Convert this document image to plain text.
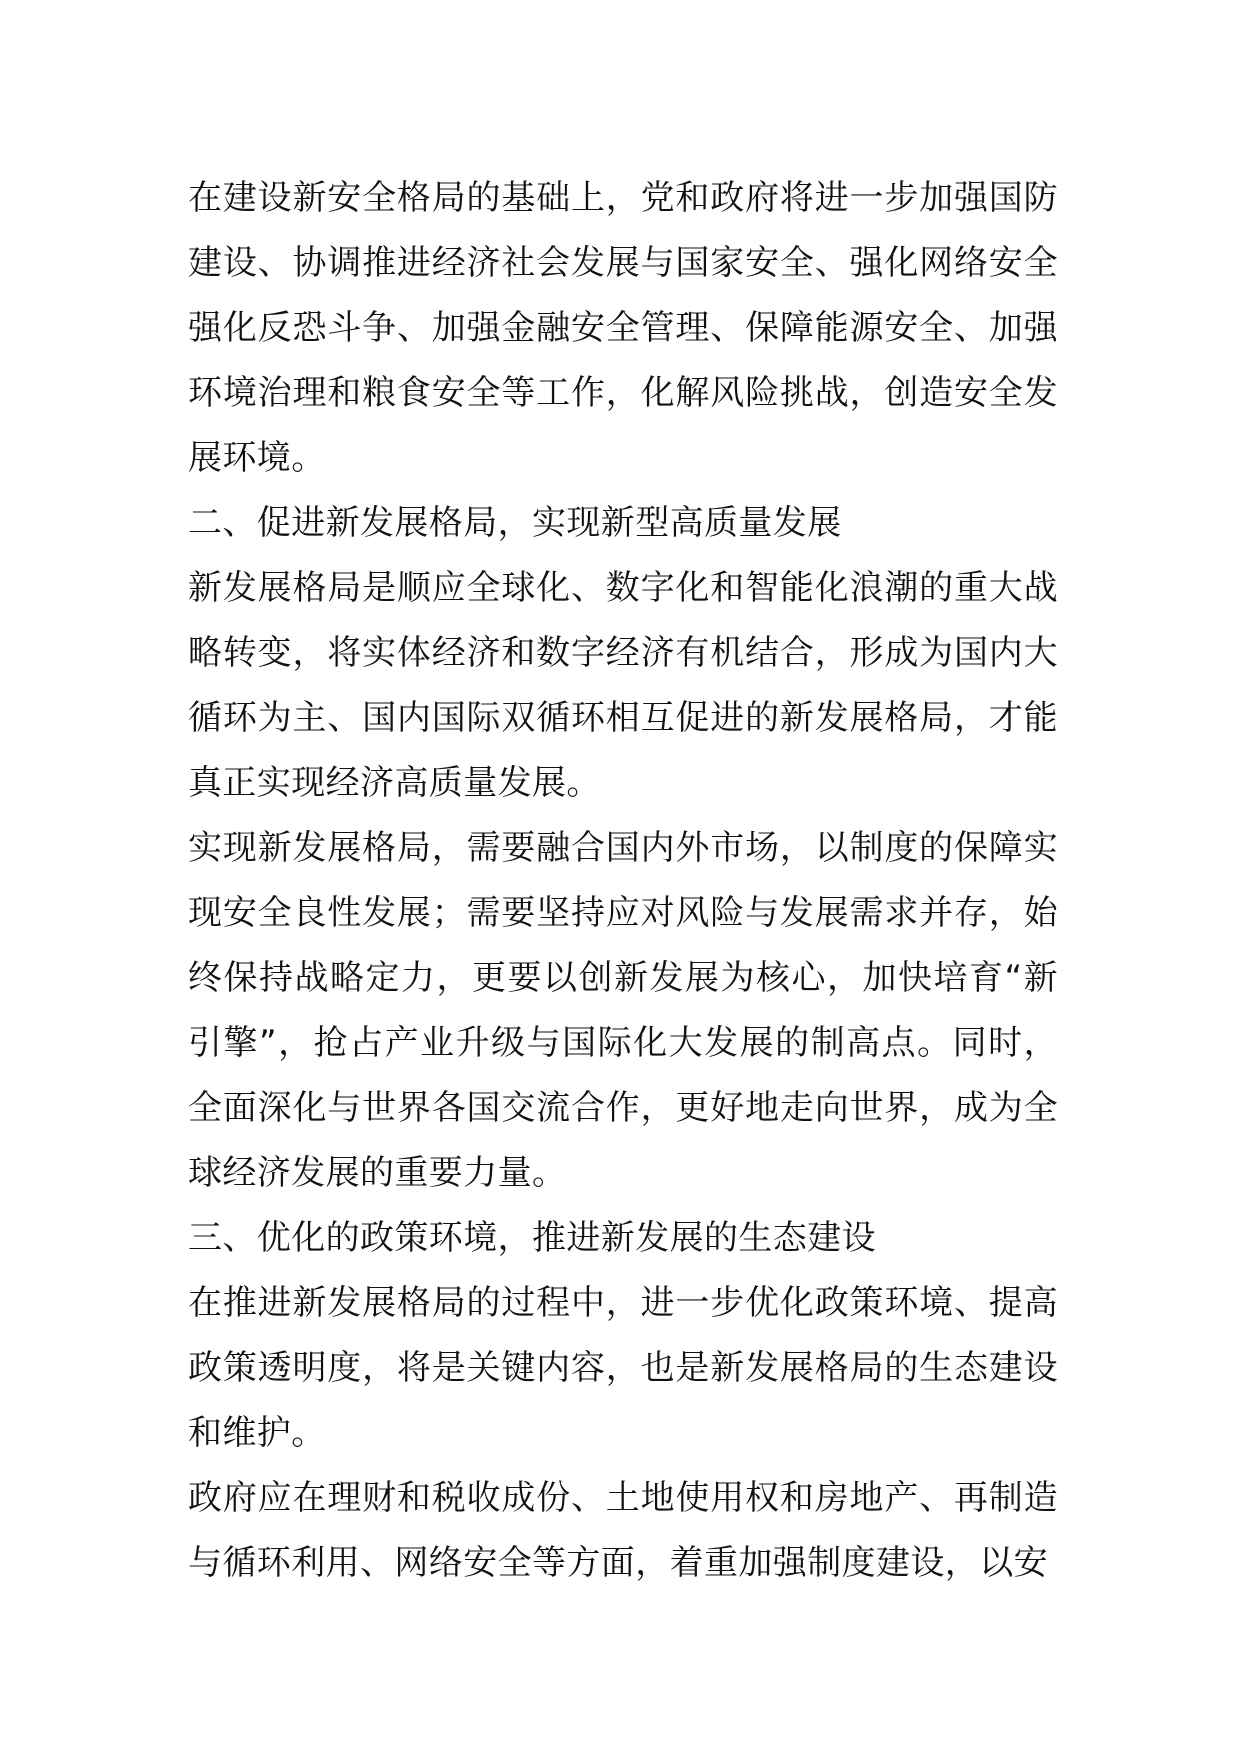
在建设新安全格局的基础上，党和政府将进一步加强国防建设、协调推进经济社会发展与国家安全、强化网络安全强化反恐斗争、加强金融安全管理、保障能源安全、加强环境治理和粮食安全等工作，化解风险挑战，创造安全发展环境。

二、促进新发展格局，实现新型高质量发展

新发展格局是顺应全球化、数字化和智能化浪潮的重大战略转变，将实体经济和数字经济有机结合，形成为国内大循环为主、国内国际双循环相互促进的新发展格局，才能真正实现经济高质量发展。

实现新发展格局，需要融合国内外市场，以制度的保障实现安全良性发展；需要坚持应对风险与发展需求并存，始终保持战略定力，更要以创新发展为核心，加快培育“新引擎”，抢占产业升级与国际化大发展的制高点。同时，全面深化与世界各国交流合作，更好地走向世界，成为全球经济发展的重要力量。

三、优化的政策环境，推进新发展的生态建设

在推进新发展格局的过程中，进一步优化政策环境、提高政策透明度，将是关键内容，也是新发展格局的生态建设和维护。

政府应在理财和税收成份、土地使用权和房地产、再制造与循环利用、网络安全等方面，着重加强制度建设，以安
